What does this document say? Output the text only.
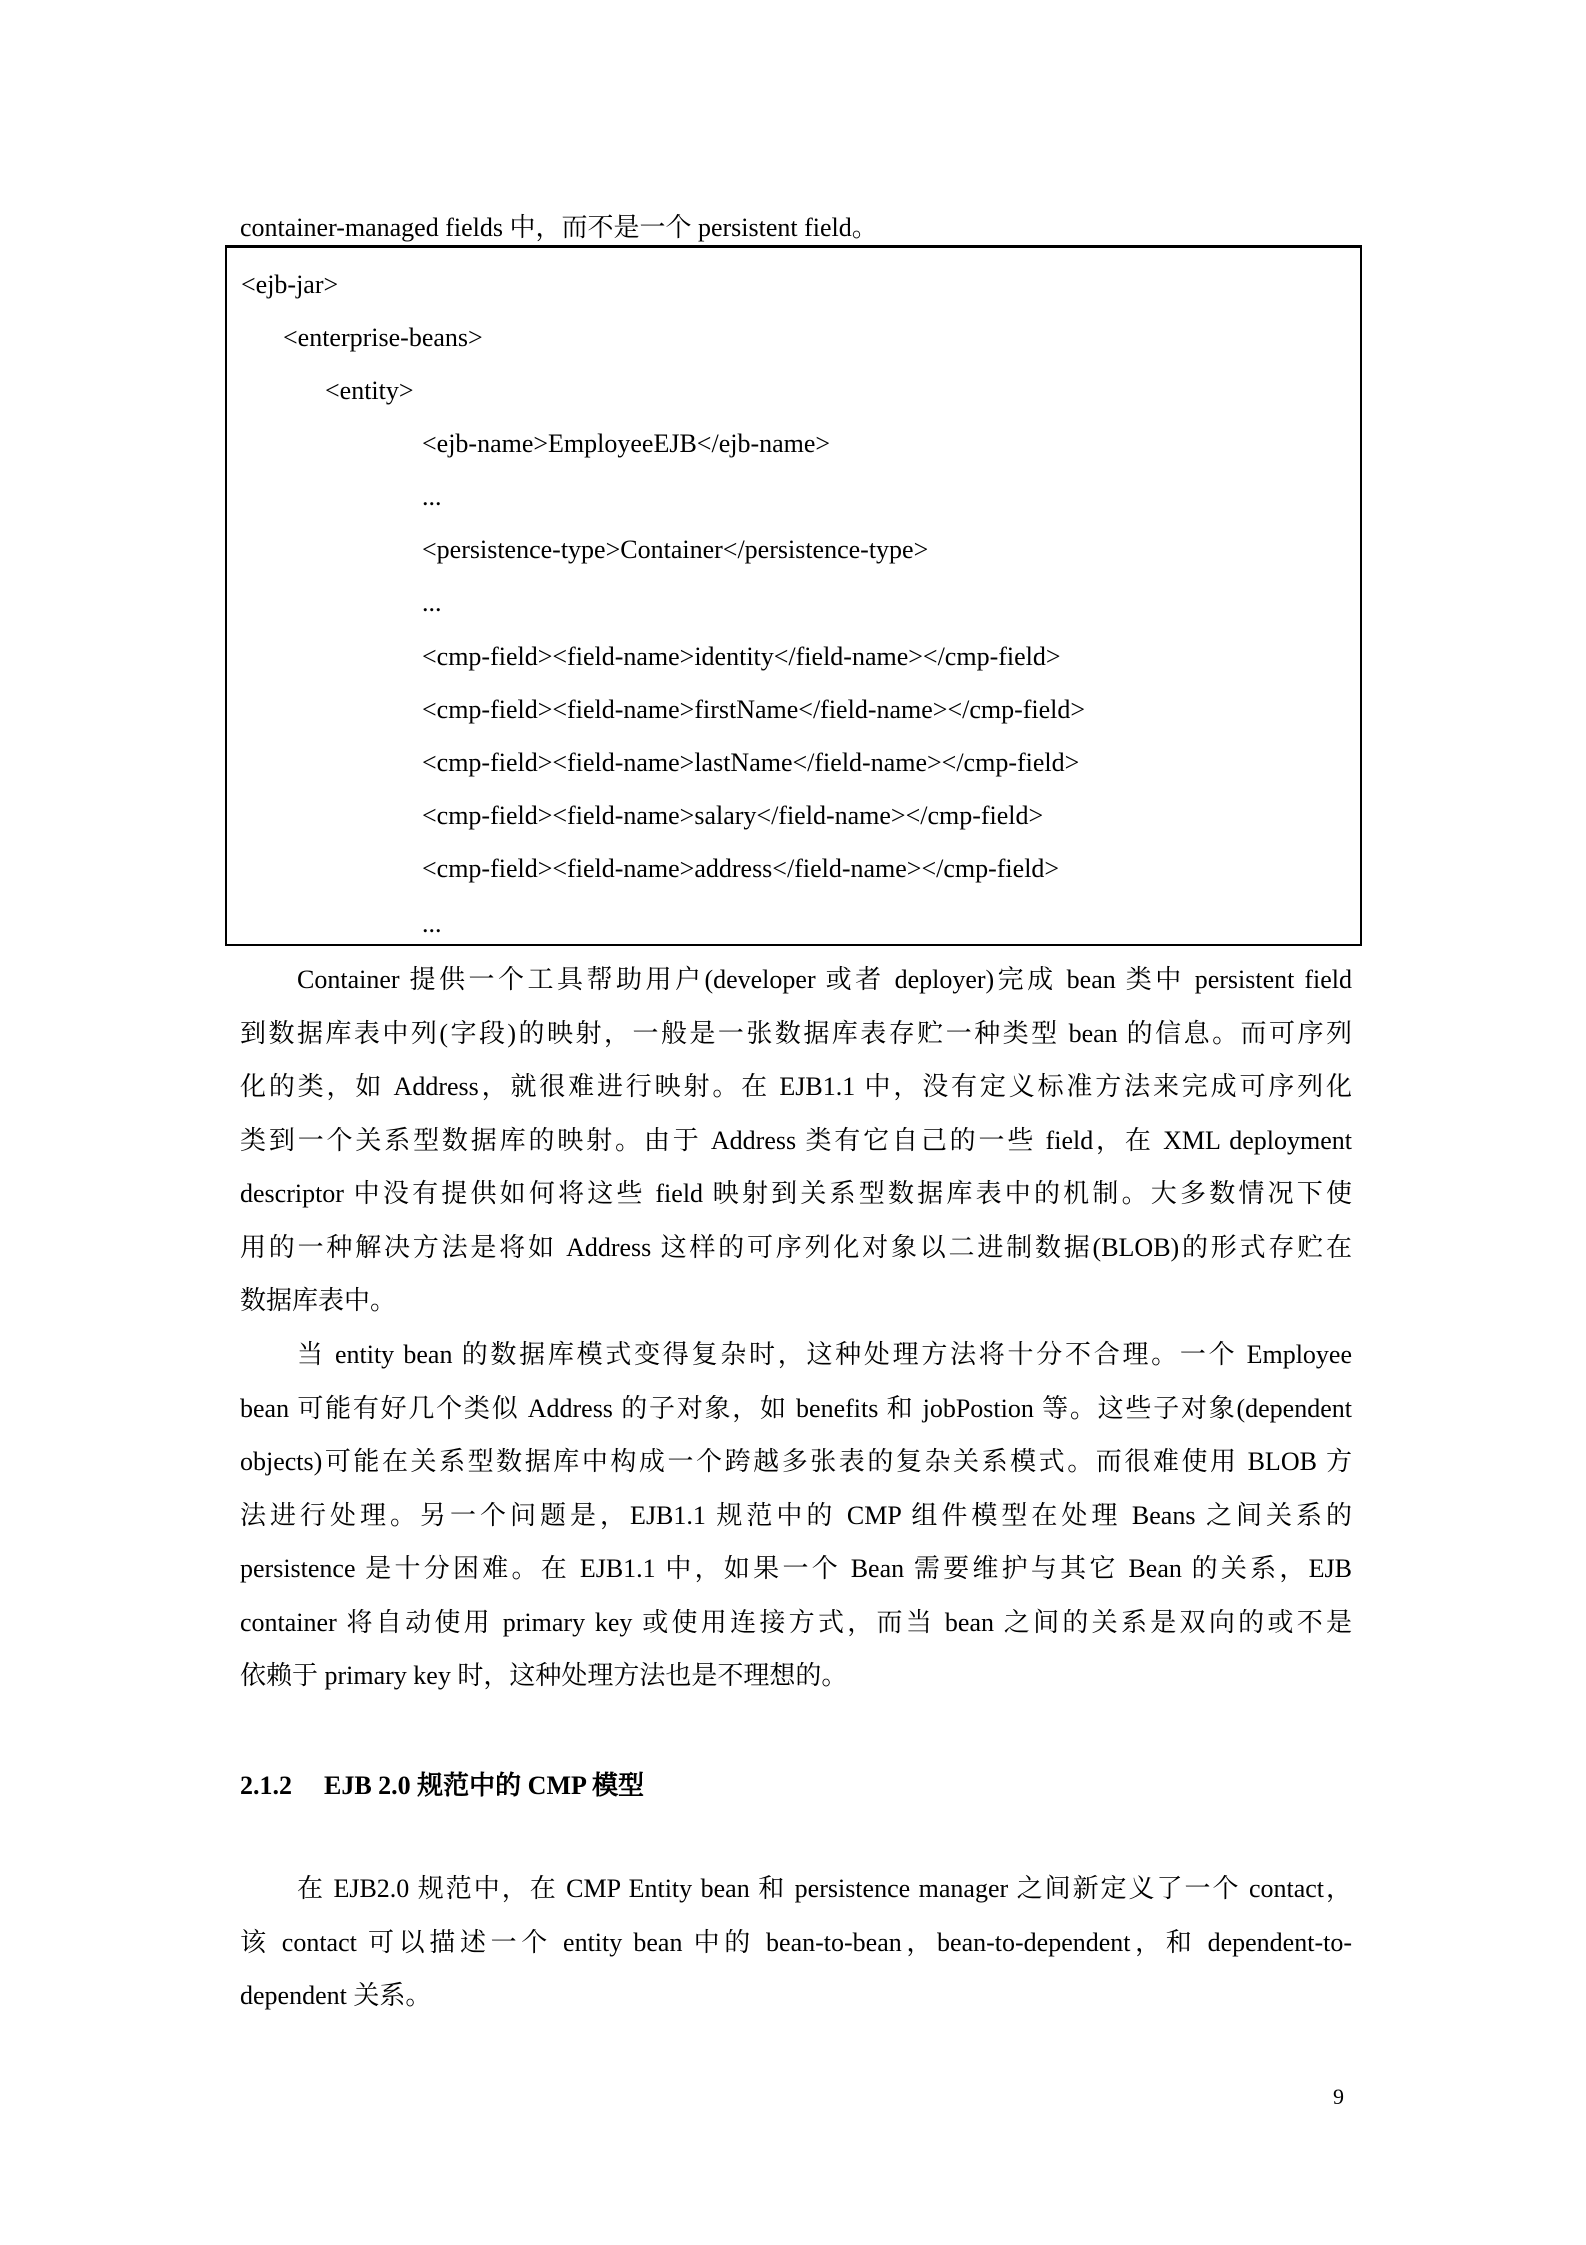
container-managed fields 中，而不是一个 persistent field。
<ejb-jar>
<enterprise-beans>
<entity>
<ejb-name>EmployeeEJB</ejb-name>
...
<persistence-type>Container</persistence-type>
...
<cmp-field><field-name>identity</field-name></cmp-field>
<cmp-field><field-name>firstName</field-name></cmp-field>
<cmp-field><field-name>lastName</field-name></cmp-field>
<cmp-field><field-name>salary</field-name></cmp-field>
<cmp-field><field-name>address</field-name></cmp-field>
...
Container 提供一个工具帮助用户(developer 或者 deployer)完成 bean 类中 persistent field
到数据库表中列(字段)的映射，一般是一张数据库表存贮一种类型 bean 的信息。而可序列
化的类，如 Address，就很难进行映射。在 EJB1.1 中，没有定义标准方法来完成可序列化
类到一个关系型数据库的映射。由于 Address 类有它自己的一些 field，在 XML deployment
descriptor 中没有提供如何将这些 field 映射到关系型数据库表中的机制。大多数情况下使
用的一种解决方法是将如 Address 这样的可序列化对象以二进制数据(BLOB)的形式存贮在
数据库表中。
当 entity bean 的数据库模式变得复杂时，这种处理方法将十分不合理。一个 Employee
bean 可能有好几个类似 Address 的子对象，如 benefits 和 jobPostion 等。这些子对象(dependent
objects)可能在关系型数据库中构成一个跨越多张表的复杂关系模式。而很难使用 BLOB 方
法进行处理。另一个问题是，EJB1.1 规范中的 CMP 组件模型在处理 Beans 之间关系的
persistence 是十分困难。在 EJB1.1 中，如果一个 Bean 需要维护与其它 Bean 的关系，EJB
container 将自动使用 primary key 或使用连接方式，而当 bean 之间的关系是双向的或不是
依赖于 primary key 时，这种处理方法也是不理想的。
2.1.2 EJB 2.0 规范中的 CMP 模型
在 EJB2.0 规范中，在 CMP Entity bean 和 persistence manager 之间新定义了一个 contact，
该 contact 可以描述一个 entity bean 中的 bean-to-bean，bean-to-dependent，和 dependent-to-
dependent 关系。
9
